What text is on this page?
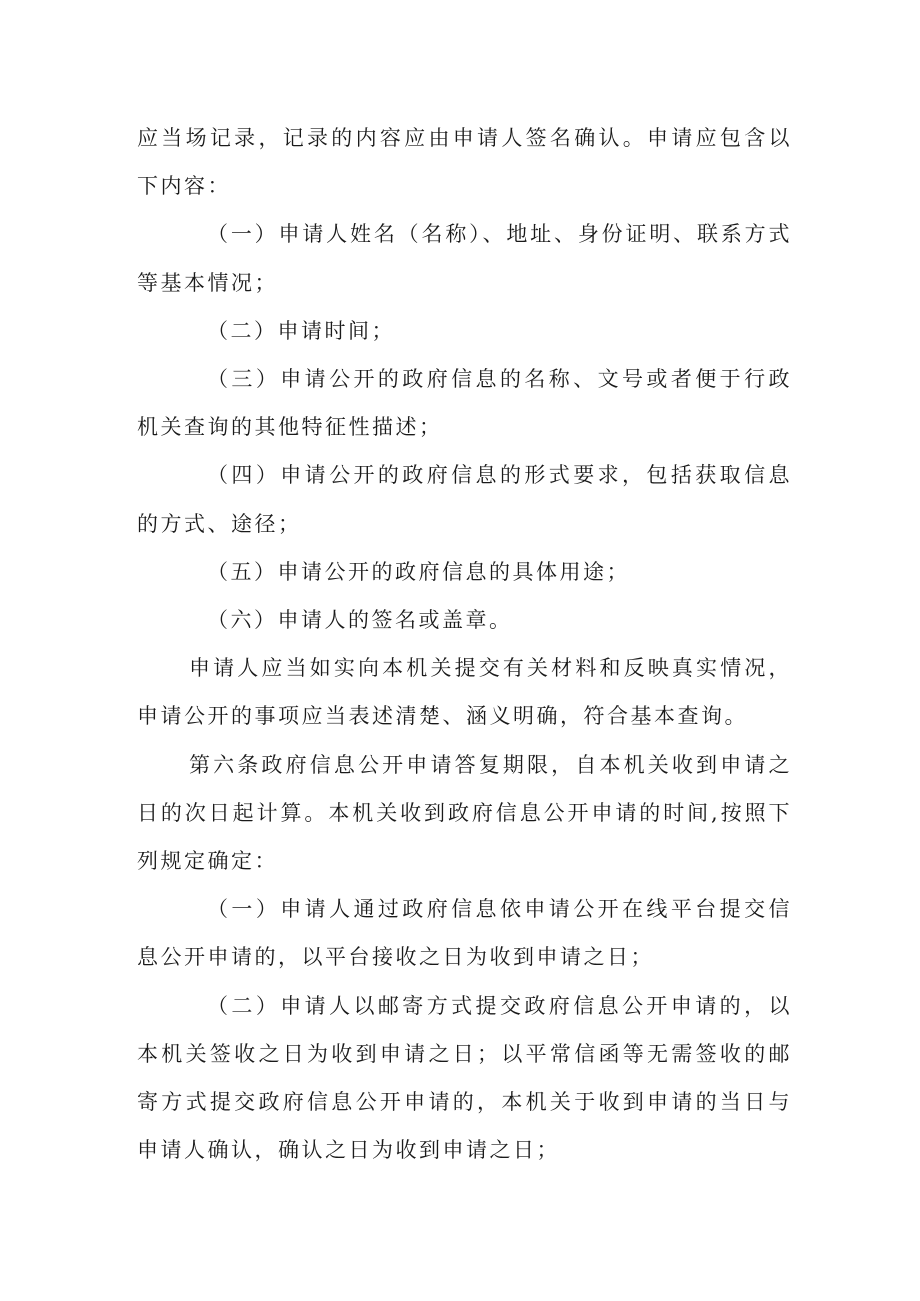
应当场记录，记录的内容应由申请人签名确认。申请应包含以下内容：

（一）申请人姓名（名称）、地址、身份证明、联系方式等基本情况；

（二）申请时间；

（三）申请公开的政府信息的名称、文号或者便于行政机关查询的其他特征性描述；

（四）申请公开的政府信息的形式要求，包括获取信息的方式、途径；

（五）申请公开的政府信息的具体用途；

（六）申请人的签名或盖章。

申请人应当如实向本机关提交有关材料和反映真实情况，申请公开的事项应当表述清楚、涵义明确，符合基本查询。

第六条政府信息公开申请答复期限，自本机关收到申请之日的次日起计算。本机关收到政府信息公开申请的时间,按照下列规定确定：

（一）申请人通过政府信息依申请公开在线平台提交信息公开申请的，以平台接收之日为收到申请之日；

（二）申请人以邮寄方式提交政府信息公开申请的，以本机关签收之日为收到申请之日；以平常信函等无需签收的邮寄方式提交政府信息公开申请的，本机关于收到申请的当日与申请人确认，确认之日为收到申请之日；
